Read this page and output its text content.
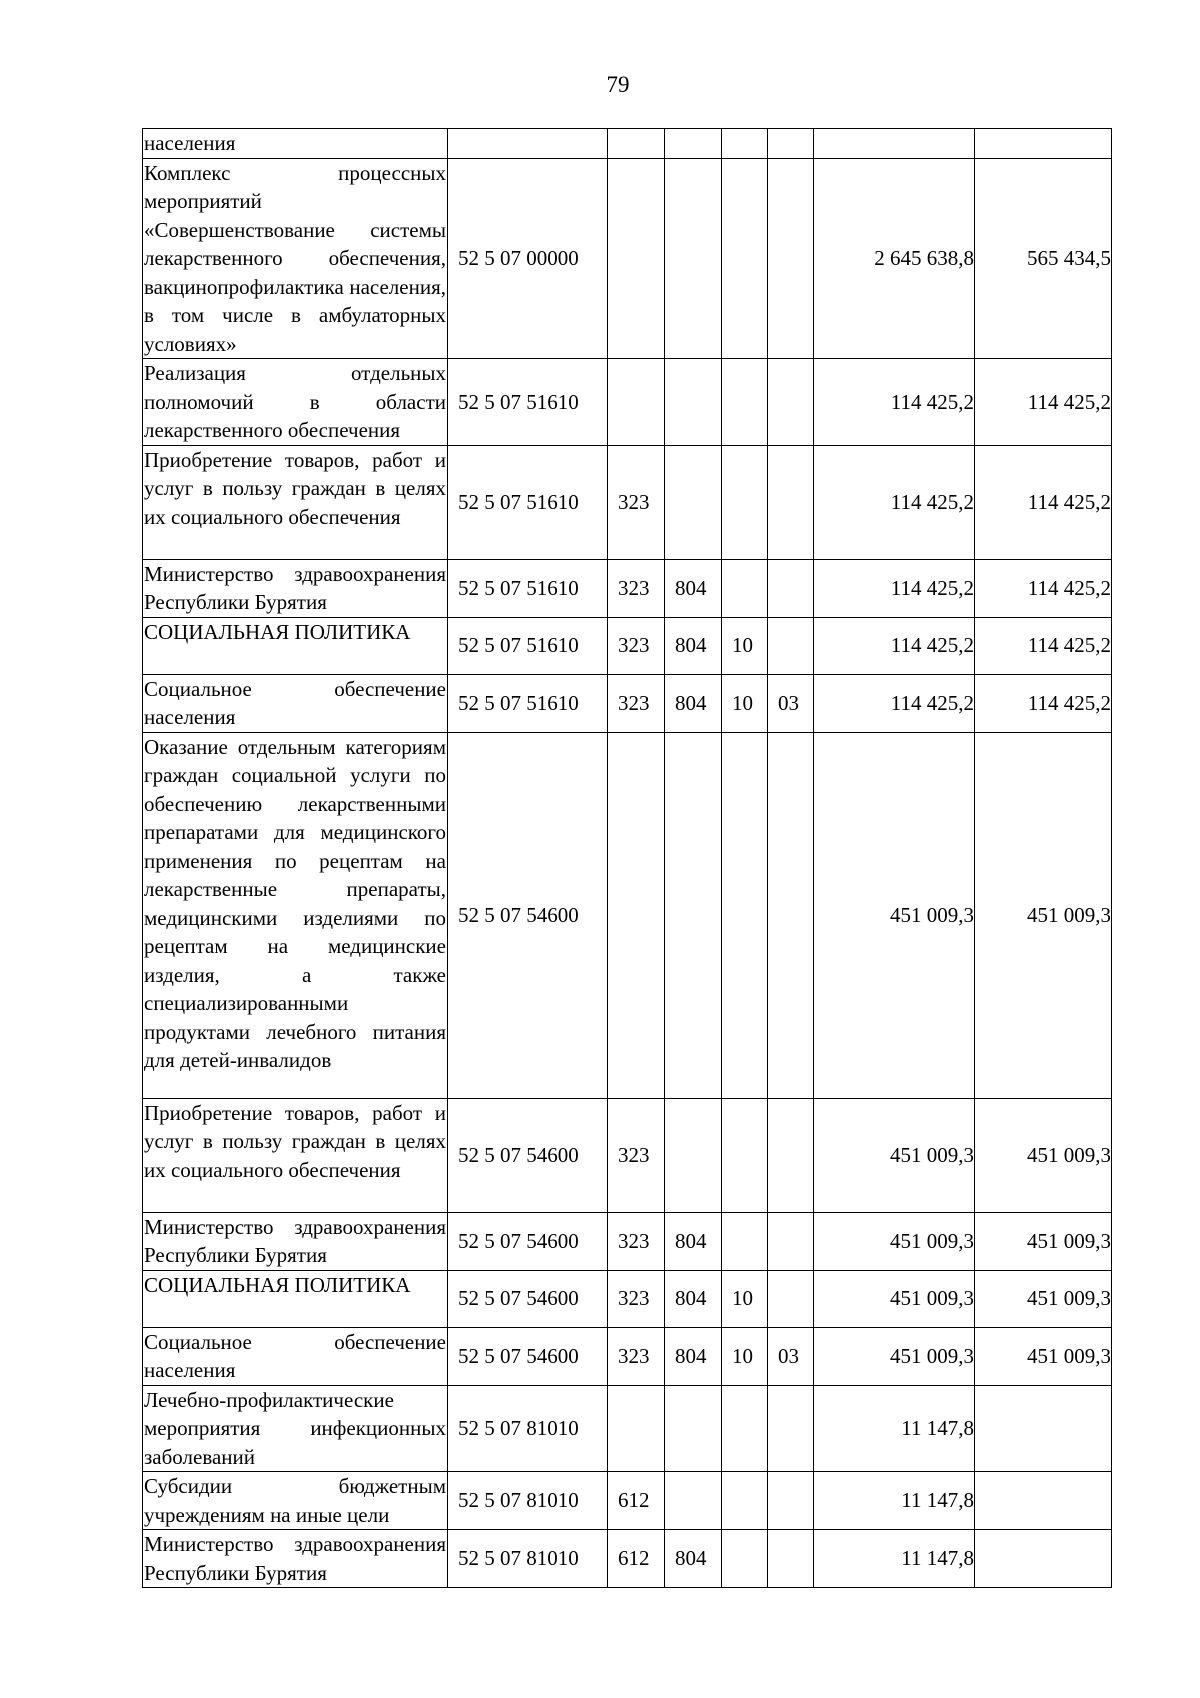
79
населения							
Комплекс процессных мероприятий «Совершенствование системы лекарственного обеспечения, вакцинопрофилактика населения, в том числе в амбулаторных условиях»	52 5 07 00000					2 645 638,8	565 434,5
Реализация отдельных полномочий в области лекарственного обеспечения	52 5 07 51610					114 425,2	114 425,2
Приобретение товаров, работ и услуг в пользу граждан в целях их социального обеспечения	52 5 07 51610	323				114 425,2	114 425,2
Министерство здравоохранения Республики Бурятия	52 5 07 51610	323	804			114 425,2	114 425,2
СОЦИАЛЬНАЯ ПОЛИТИКА	52 5 07 51610	323	804	10		114 425,2	114 425,2
Социальное обеспечение населения	52 5 07 51610	323	804	10	03	114 425,2	114 425,2
Оказание отдельным категориям граждан социальной услуги по обеспечению лекарственными препаратами для медицинского применения по рецептам на лекарственные препараты, медицинскими изделиями по рецептам на медицинские изделия, а также специализированными продуктами лечебного питания для детей-инвалидов	52 5 07 54600					451 009,3	451 009,3
Приобретение товаров, работ и услуг в пользу граждан в целях их социального обеспечения	52 5 07 54600	323				451 009,3	451 009,3
Министерство здравоохранения Республики Бурятия	52 5 07 54600	323	804			451 009,3	451 009,3
СОЦИАЛЬНАЯ ПОЛИТИКА	52 5 07 54600	323	804	10		451 009,3	451 009,3
Социальное обеспечение населения	52 5 07 54600	323	804	10	03	451 009,3	451 009,3
Лечебно-профилактические мероприятия инфекционных заболеваний	52 5 07 81010					11 147,8	
Субсидии бюджетным учреждениям на иные цели	52 5 07 81010	612				11 147,8	
Министерство здравоохранения Республики Бурятия	52 5 07 81010	612	804			11 147,8	
